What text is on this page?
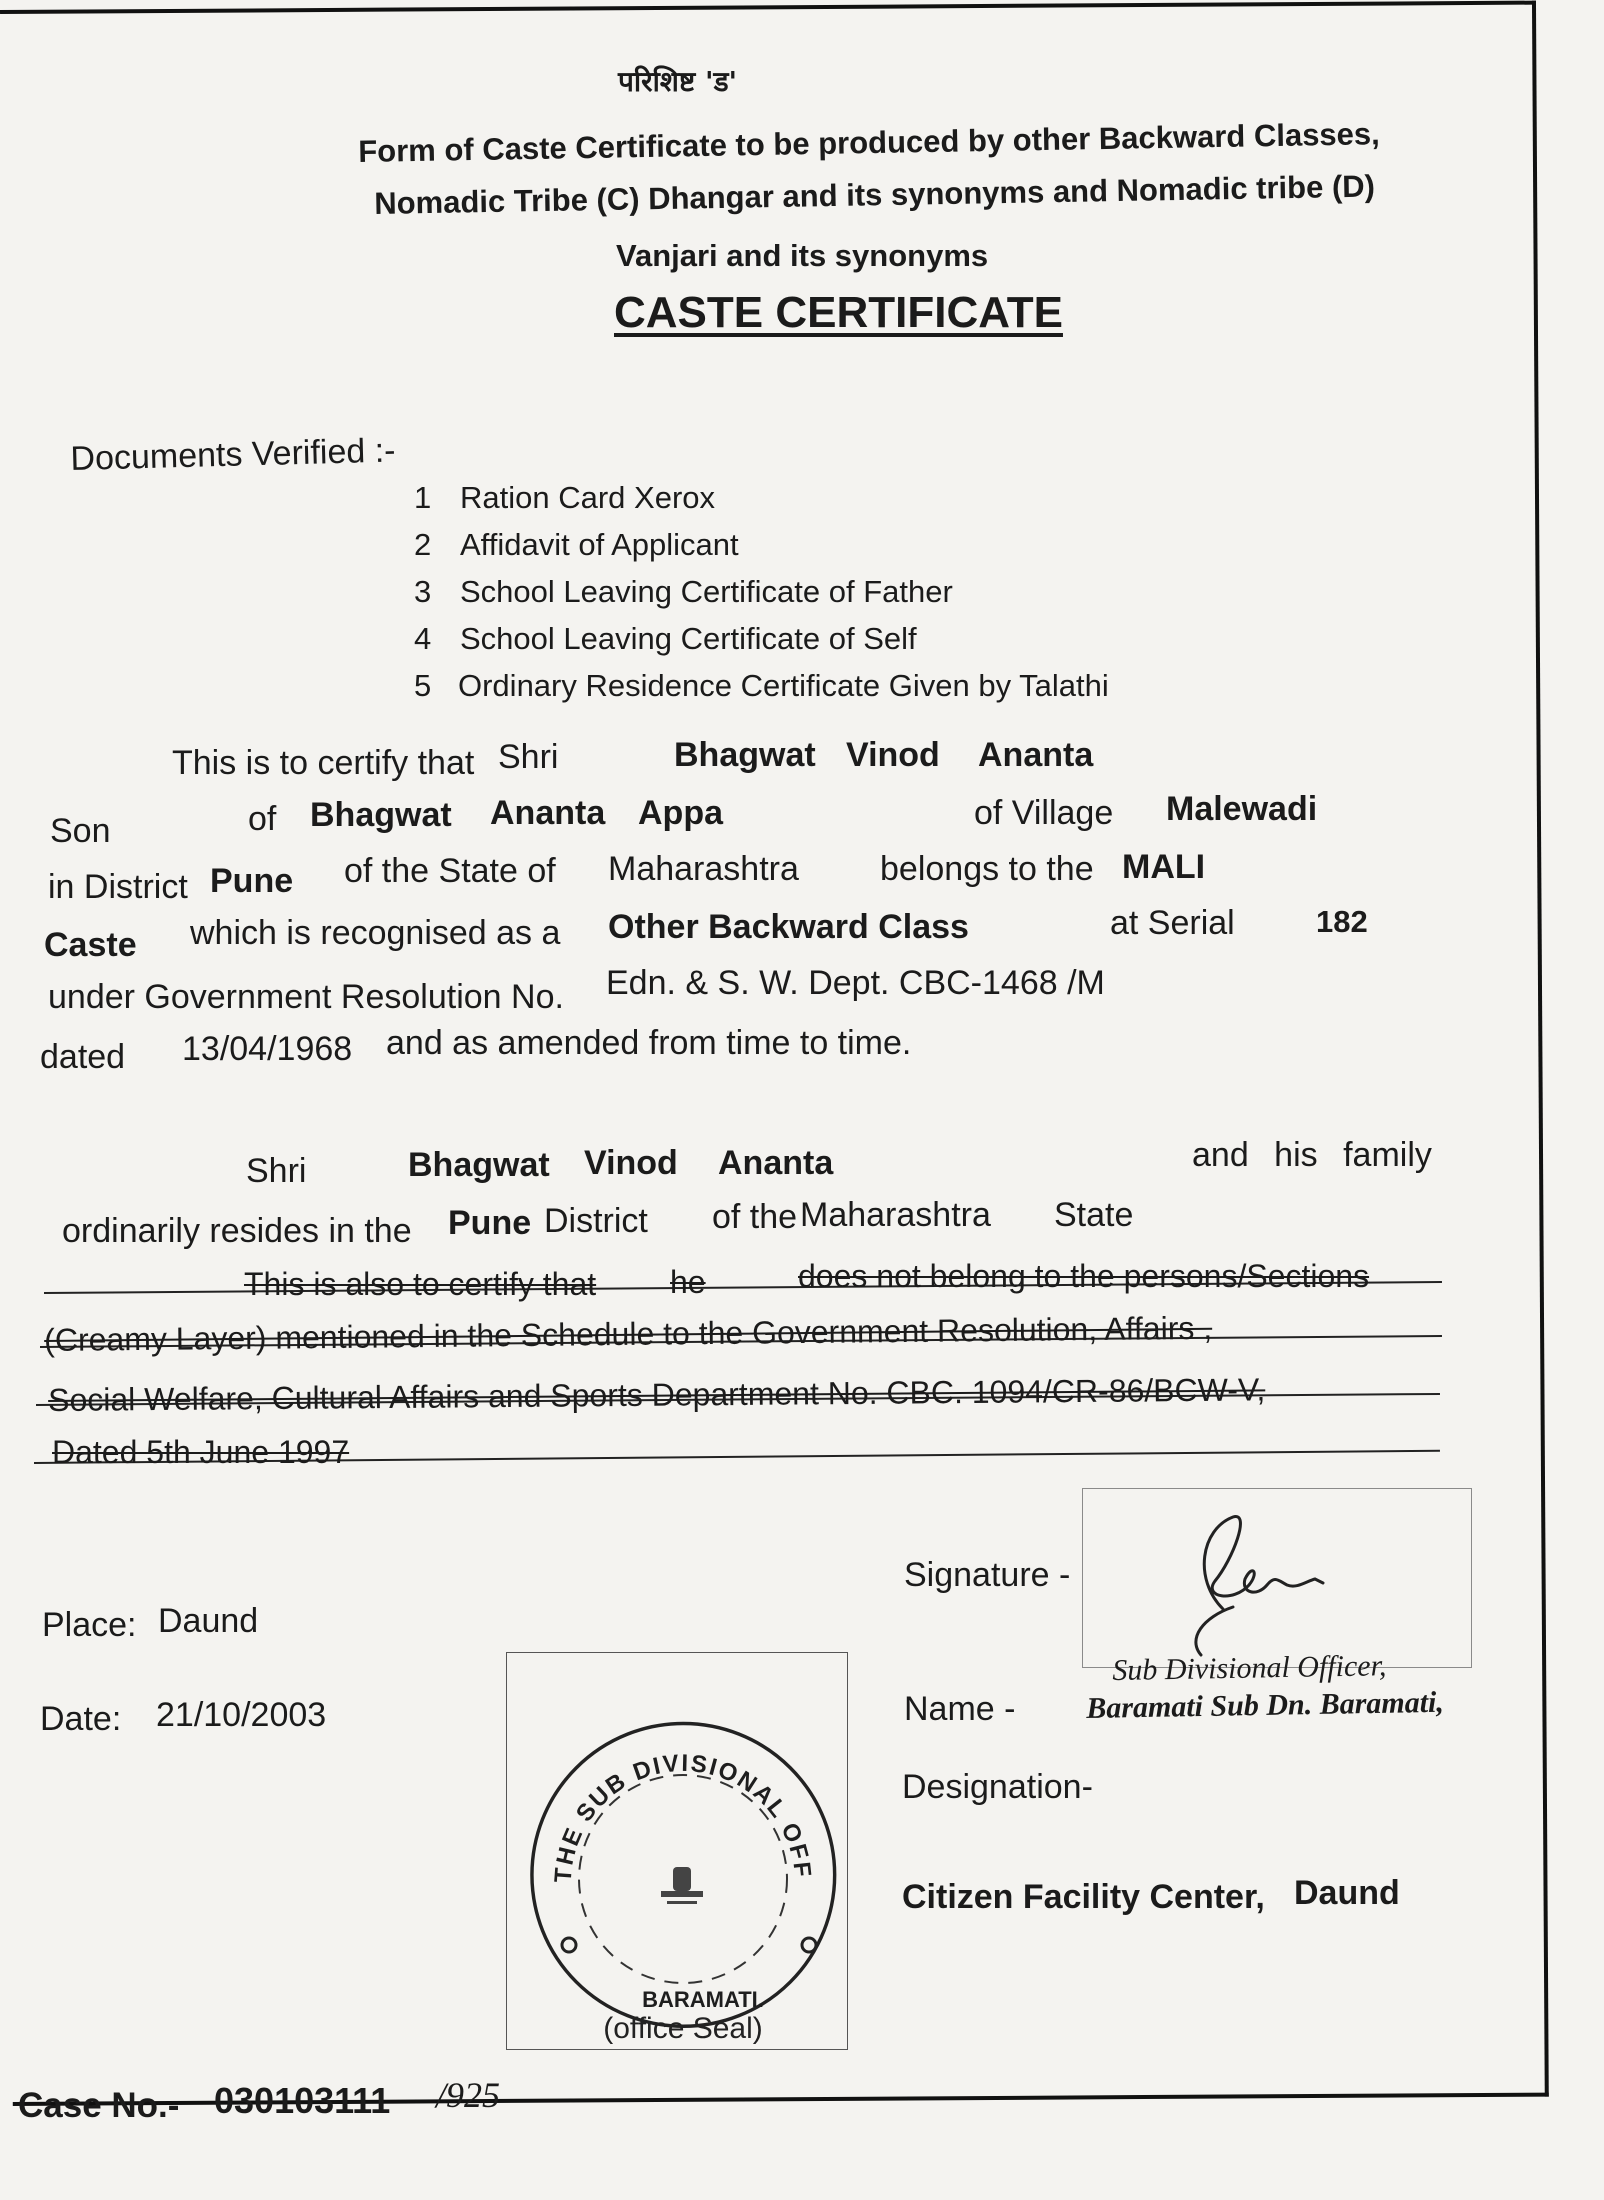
परिशिष्ट 'ड'
Form of Caste Certificate to be produced by other Backward Classes,
Nomadic Tribe (C) Dhangar and its synonyms and Nomadic tribe (D)
Vanjari and its synonyms
CASTE CERTIFICATE
Documents Verified :-
1 Ration Card Xerox
2 Affidavit of Applicant
3 School Leaving Certificate of Father
4 School Leaving Certificate of Self
5 Ordinary Residence Certificate Given by Talathi
This is to certify that Shri	Bhagwat Vinod Ananta
Son	of Bhagwat Ananta Appa	of Village Malewadi
in District Pune of the State of Maharashtra belongs to the MALI
Caste which is recognised as a Other Backward Class	at Serial	182
under Government Resolution No. Edn. & S. W. Dept. CBC-1468 /M
dated 13/04/1968 and as amended from time to time.
Shri	Bhagwat Vinod Ananta	and his family
ordinarily resides in the Pune District of the Maharashtra State
This is also to certify that he	does not belong to the persons/Sections
(Creamy Layer) mentioned in the Schedule to the Government Resolution, Affairs ,
Social Welfare, Cultural Affairs and Sports Department No. CBC. 1094/CR-86/BCW-V,
Dated 5th June 1997
Place: Daund
Date: 21/10/2003
Signature -
Sub Divisional Officer,
Name - Baramati Sub Dn. Baramati,
Designation-
Citizen Facility Center, Daund
THE SUB DIVISIONAL OFF
BARAMATI.
(office Seal)
Case No.- 030103111 /925
